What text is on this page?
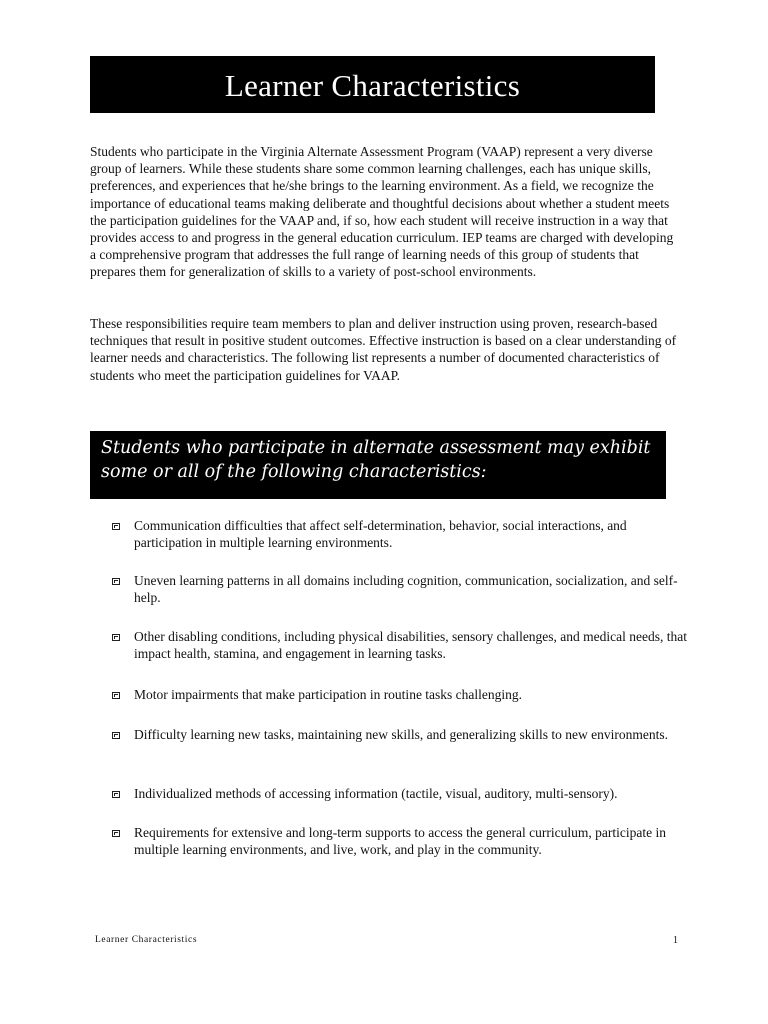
Learner Characteristics

Students who participate in the Virginia Alternate Assessment Program (VAAP) represent a very diverse group of learners. While these students share some common learning challenges, each has unique skills, preferences, and experiences that he/she brings to the learning environment. As a field, we recognize the importance of educational teams making deliberate and thoughtful decisions about whether a student meets the participation guidelines for the VAAP and, if so, how each student will receive instruction in a way that provides access to and progress in the general education curriculum. IEP teams are charged with developing a comprehensive program that addresses the full range of learning needs of this group of students that prepares them for generalization of skills to a variety of post-school environments.

These responsibilities require team members to plan and deliver instruction using proven, research-based techniques that result in positive student outcomes. Effective instruction is based on a clear understanding of learner needs and characteristics. The following list represents a number of documented characteristics of students who meet the participation guidelines for VAAP.

Students who participate in alternate assessment may exhibit
some or all of the following characteristics:
Communication difficulties that affect self-determination, behavior, social interactions, and participation in multiple learning environments.
Uneven learning patterns in all domains including cognition, communication, socialization, and self-help.
Other disabling conditions, including physical disabilities, sensory challenges, and medical needs, that impact health, stamina, and engagement in learning tasks.
Motor impairments that make participation in routine tasks challenging.
Difficulty learning new tasks, maintaining new skills, and generalizing skills to new environments.
Individualized methods of accessing information (tactile, visual, auditory, multi-sensory).
Requirements for extensive and long-term supports to access the general curriculum, participate in multiple learning environments, and live, work, and play in the community.
Learner Characteristics	1
